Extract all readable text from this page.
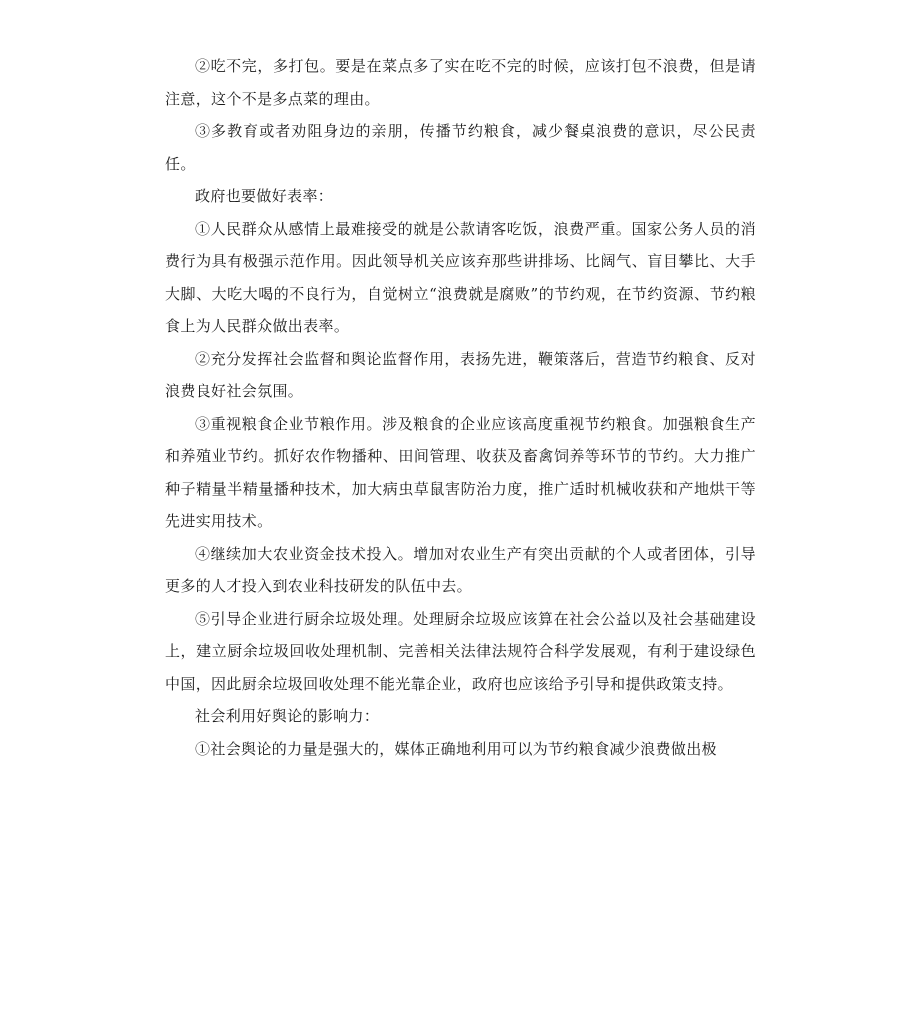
②吃不完，多打包。要是在菜点多了实在吃不完的时候，应该打包不浪费，但是请注意，这个不是多点菜的理由。

③多教育或者劝阻身边的亲朋，传播节约粮食，减少餐桌浪费的意识，尽公民责任。

政府也要做好表率：

①人民群众从感情上最难接受的就是公款请客吃饭，浪费严重。国家公务人员的消费行为具有极强示范作用。因此领导机关应该弃那些讲排场、比阔气、盲目攀比、大手大脚、大吃大喝的不良行为，自觉树立“浪费就是腐败”的节约观，在节约资源、节约粮食上为人民群众做出表率。

②充分发挥社会监督和舆论监督作用，表扬先进，鞭策落后，营造节约粮食、反对浪费良好社会氛围。

③重视粮食企业节粮作用。涉及粮食的企业应该高度重视节约粮食。加强粮食生产和养殖业节约。抓好农作物播种、田间管理、收获及畜禽饲养等环节的节约。大力推广种子精量半精量播种技术，加大病虫草鼠害防治力度，推广适时机械收获和产地烘干等先进实用技术。

④继续加大农业资金技术投入。增加对农业生产有突出贡献的个人或者团体，引导更多的人才投入到农业科技研发的队伍中去。

⑤引导企业进行厨余垃圾处理。处理厨余垃圾应该算在社会公益以及社会基础建设上，建立厨余垃圾回收处理机制、完善相关法律法规符合科学发展观，有利于建设绿色中国，因此厨余垃圾回收处理不能光靠企业，政府也应该给予引导和提供政策支持。

社会利用好舆论的影响力：

①社会舆论的力量是强大的，媒体正确地利用可以为节约粮食减少浪费做出极
